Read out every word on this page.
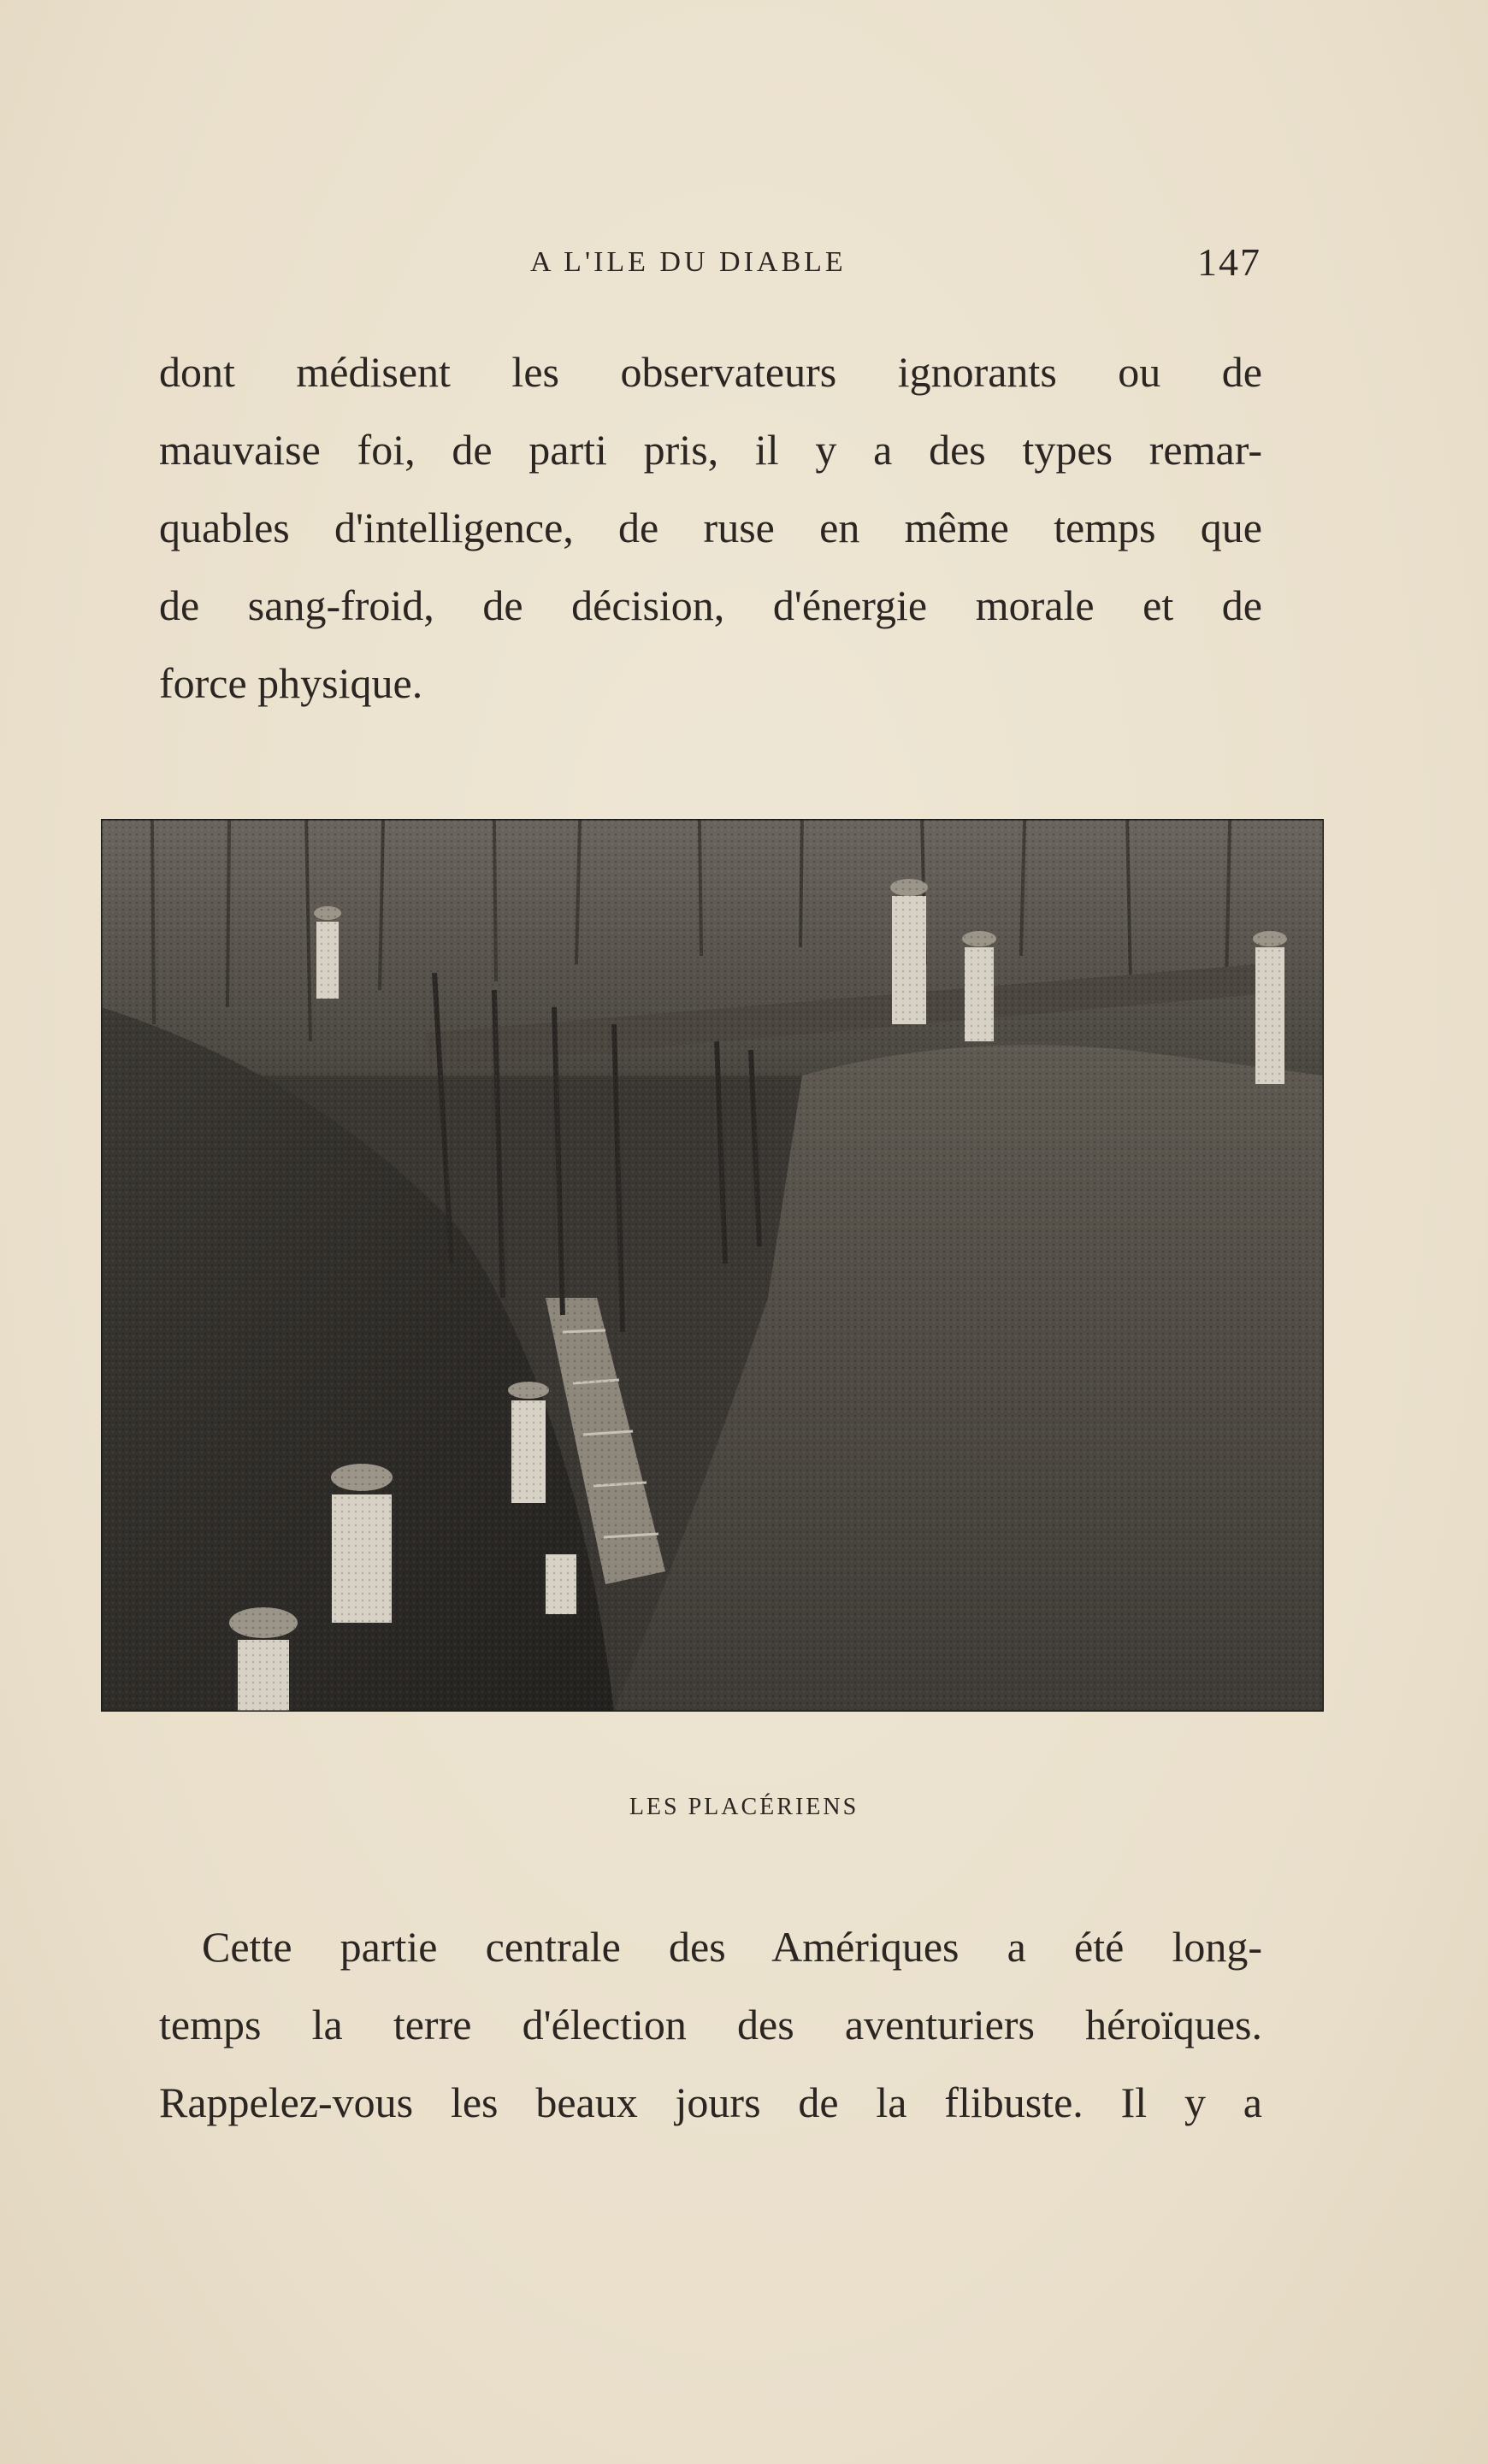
A L'ILE DU DIABLE	147
dont médisent les observateurs ignorants ou de
mauvaise foi, de parti pris, il y a des types remar-
quables d'intelligence, de ruse en même temps que
de sang-froid, de décision, d'énergie morale et de
force physique.
LES PLACÉRIENS
Cette partie centrale des Amériques a été long-
temps la terre d'élection des aventuriers héroïques.
Rappelez-vous les beaux jours de la flibuste. Il y a
